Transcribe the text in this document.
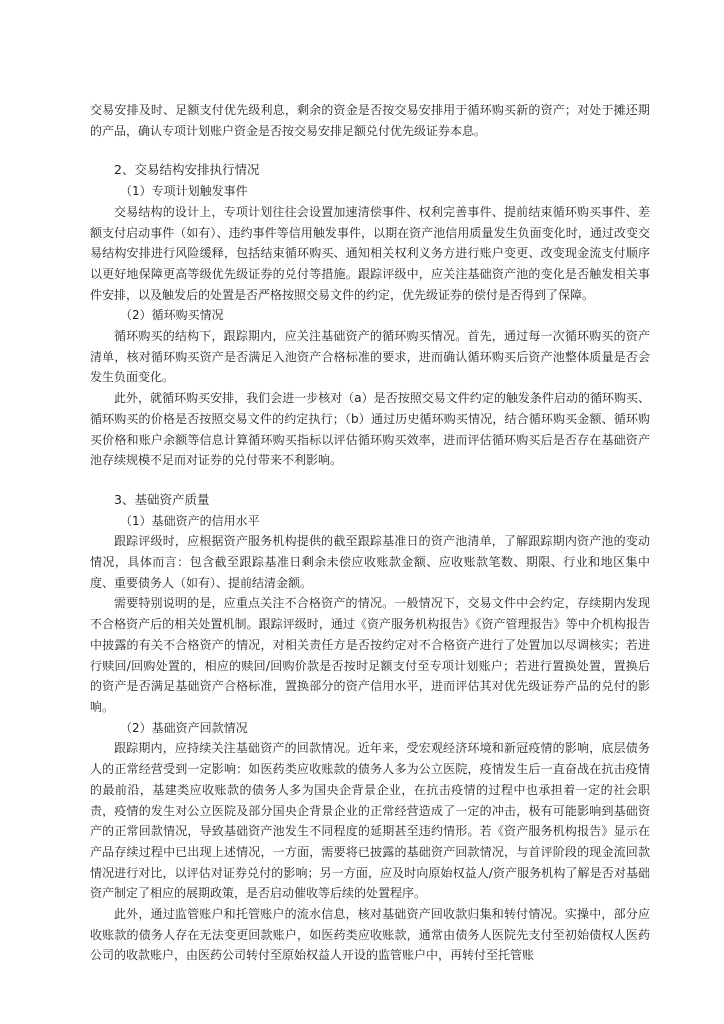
交易安排及时、足额支付优先级利息，剩余的资金是否按交易安排用于循环购买新的资产；对处于摊还期的产品，确认专项计划账户资金是否按交易安排足额兑付优先级证券本息。

2、交易结构安排执行情况

（1）专项计划触发事件

交易结构的设计上，专项计划往往会设置加速清偿事件、权利完善事件、提前结束循环购买事件、差额支付启动事件（如有）、违约事件等信用触发事件，以期在资产池信用质量发生负面变化时，通过改变交易结构安排进行风险缓释，包括结束循环购买、通知相关权利义务方进行账户变更、改变现金流支付顺序以更好地保障更高等级优先级证券的兑付等措施。跟踪评级中，应关注基础资产池的变化是否触发相关事件安排，以及触发后的处置是否严格按照交易文件的约定，优先级证券的偿付是否得到了保障。

（2）循环购买情况

循环购买的结构下，跟踪期内，应关注基础资产的循环购买情况。首先，通过每一次循环购买的资产清单，核对循环购买资产是否满足入池资产合格标准的要求，进而确认循环购买后资产池整体质量是否会发生负面变化。

此外，就循环购买安排，我们会进一步核对（a）是否按照交易文件约定的触发条件启动的循环购买、循环购买的价格是否按照交易文件的约定执行；（b）通过历史循环购买情况，结合循环购买金额、循环购买价格和账户余额等信息计算循环购买指标以评估循环购买效率，进而评估循环购买后是否存在基础资产池存续规模不足而对证券的兑付带来不利影响。

3、基础资产质量

（1）基础资产的信用水平

跟踪评级时，应根据资产服务机构提供的截至跟踪基准日的资产池清单，了解跟踪期内资产池的变动情况，具体而言：包含截至跟踪基准日剩余未偿应收账款金额、应收账款笔数、期限、行业和地区集中度、重要债务人（如有）、提前结清金额。

需要特别说明的是，应重点关注不合格资产的情况。一般情况下，交易文件中会约定，存续期内发现不合格资产后的相关处置机制。跟踪评级时，通过《资产服务机构报告》《资产管理报告》等中介机构报告中披露的有关不合格资产的情况，对相关责任方是否按约定对不合格资产进行了处置加以尽调核实；若进行赎回/回购处置的，相应的赎回/回购价款是否按时足额支付至专项计划账户；若进行置换处置，置换后的资产是否满足基础资产合格标准，置换部分的资产信用水平，进而评估其对优先级证券产品的兑付的影响。

（2）基础资产回款情况

跟踪期内，应持续关注基础资产的回款情况。近年来，受宏观经济环境和新冠疫情的影响，底层债务人的正常经营受到一定影响：如医药类应收账款的债务人多为公立医院，疫情发生后一直奋战在抗击疫情的最前沿，基建类应收账款的债务人多为国央企背景企业，在抗击疫情的过程中也承担着一定的社会职责，疫情的发生对公立医院及部分国央企背景企业的正常经营造成了一定的冲击，极有可能影响到基础资产的正常回款情况，导致基础资产池发生不同程度的延期甚至违约情形。若《资产服务机构报告》显示在产品存续过程中已出现上述情况，一方面，需要将已披露的基础资产回款情况，与首评阶段的现金流回款情况进行对比，以评估对证券兑付的影响；另一方面，应及时向原始权益人/资产服务机构了解是否对基础资产制定了相应的展期政策，是否启动催收等后续的处置程序。

此外，通过监管账户和托管账户的流水信息，核对基础资产回收款归集和转付情况。实操中，部分应收账款的债务人存在无法变更回款账户，如医药类应收账款，通常由债务人医院先支付至初始债权人医药公司的收款账户，由医药公司转付至原始权益人开设的监管账户中，再转付至托管账
